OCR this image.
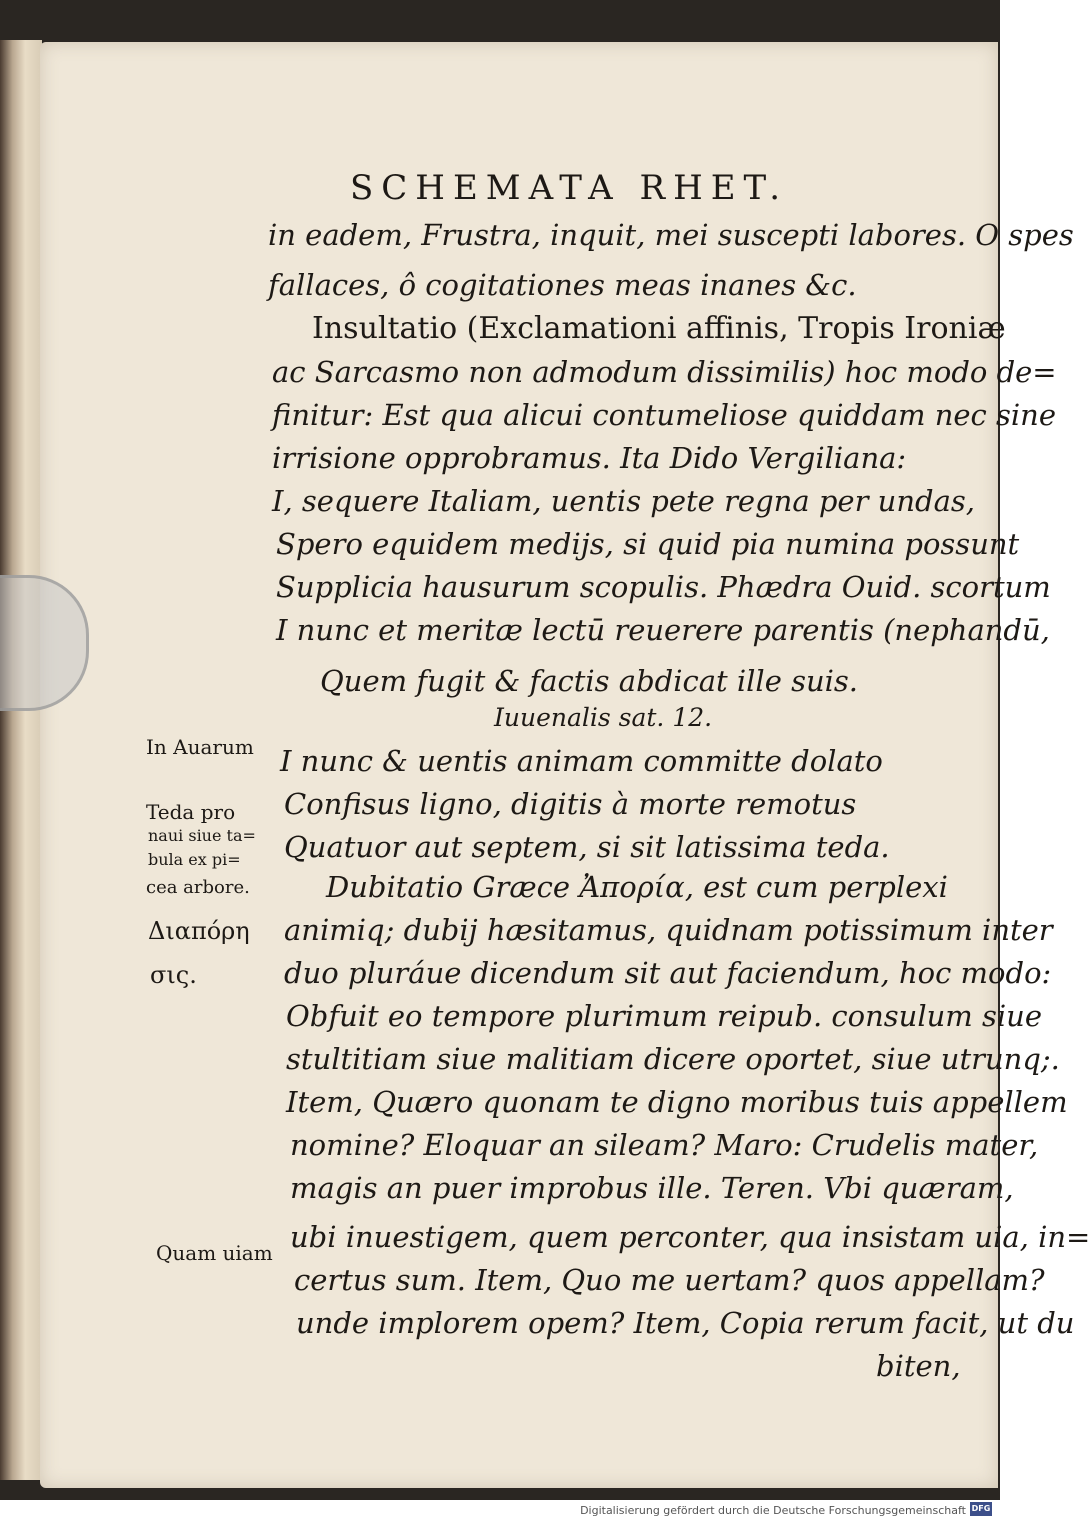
SCHEMATA RHET.
in eadem, Frustra, inquit, mei suscepti labores. O spes
fallaces, ô cogitationes meas inanes &c.
Insultatio (Exclamationi affinis, Tropis Ironiæ
ac Sarcasmo non admodum dissimilis) hoc modo de=
finitur: Est qua alicui contumeliose quiddam nec sine
irrisione opprobramus. Ita Dido Vergiliana:
I, sequere Italiam, uentis pete regna per undas,
Spero equidem medijs, si quid pia numina possunt
Supplicia hausurum scopulis. Phædra Ouid. scortum
I nunc et meritæ lectū reuerere parentis (nephandū,
Quem fugit & factis abdicat ille suis.
Iuuenalis sat. 12.
I nunc & uentis animam committe dolato
Confisus ligno, digitis à morte remotus
Quatuor aut septem, si sit latissima teda.
Dubitatio Græce Ἀπορία, est cum perplexi
animiq; dubij hæsitamus, quidnam potissimum inter
duo pluráue dicendum sit aut faciendum, hoc modo:
Obfuit eo tempore plurimum reipub. consulum siue
stultitiam siue malitiam dicere oportet, siue utrunq;.
Item, Quæro quonam te digno moribus tuis appellem
nomine? Eloquar an sileam? Maro: Crudelis mater,
magis an puer improbus ille. Teren. Vbi quæram,
ubi inuestigem, quem perconter, qua insistam uia, in=
certus sum. Item, Quo me uertam? quos appellam?
unde implorem opem? Item, Copia rerum facit, ut du
biten,
In Auarum
Teda pro
naui siue ta=
bula ex pi=
cea arbore.
Διαπόρη
σις.
Quam uiam
Digitalisierung gefördert durch die Deutsche Forschungsgemeinschaft DFG
